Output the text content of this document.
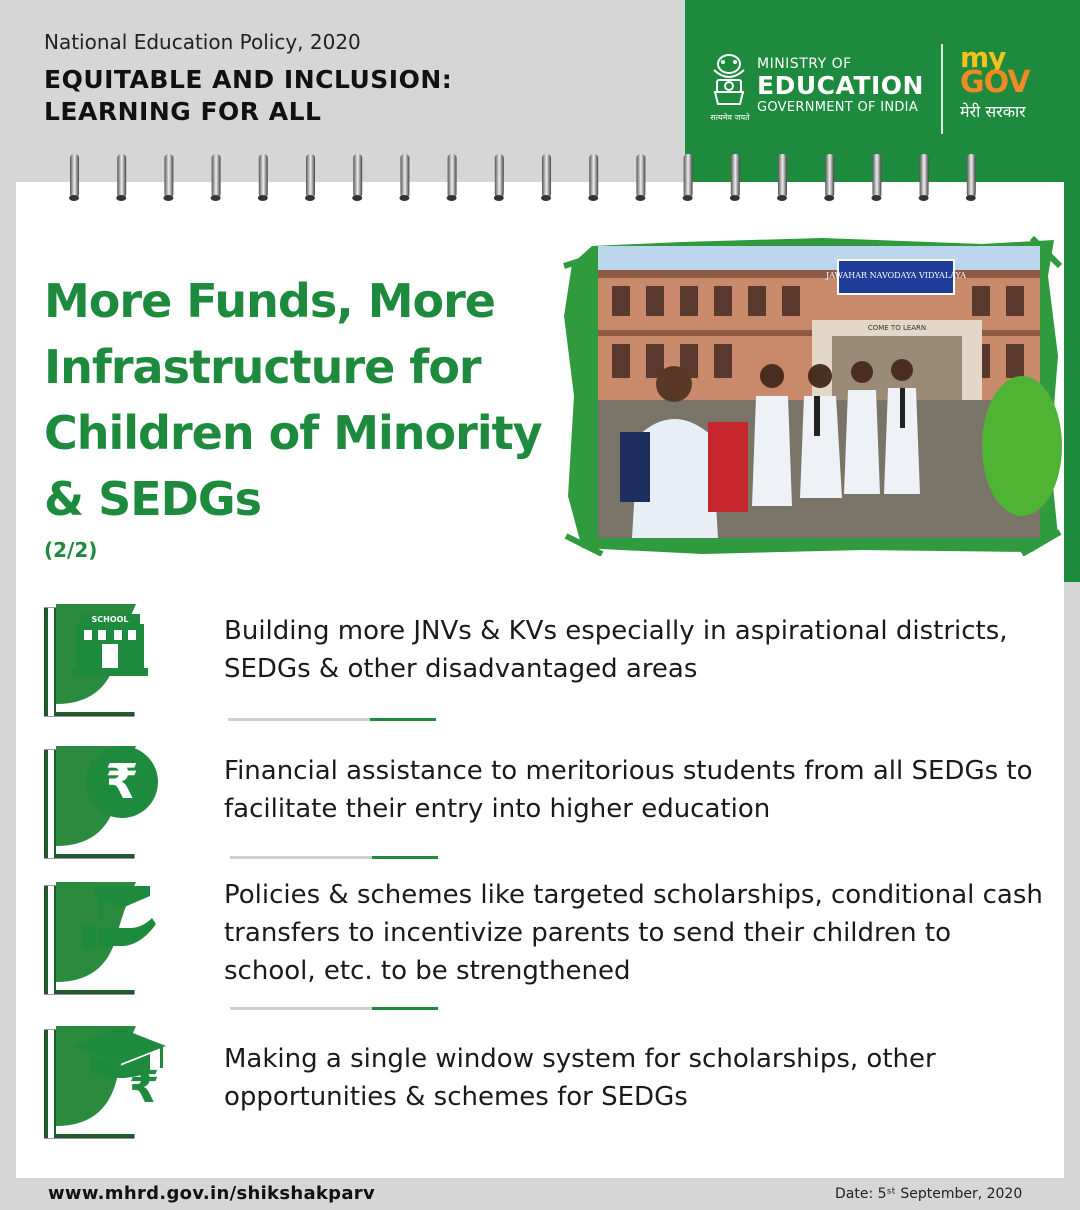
National Education Policy, 2020
EQUITABLE AND INCLUSION:
LEARNING FOR ALL	सत्यमेव जयते
MINISTRY OF
EDUCATION
GOVERNMENT OF INDIA
my
GOV
मेरी सरकार
More Funds, More
Infrastructure for
Children of Minority
& SEDGs
(2/2)
JAWAHAR NAVODAYA VIDYALAYA
COME TO LEARN
SCHOOL	Building more JNVs & KVs especially in aspirational districts, SEDGs & other disadvantaged areas
₹	Financial assistance to meritorious students from all SEDGs to facilitate their entry into higher education
Policies & schemes like targeted scholarships, conditional cash transfers to incentivize parents to send their children to school, etc. to be strengthened
₹
Making a single window system for scholarships, other opportunities & schemes for SEDGs
www.mhrd.gov.in/shikshakparv	Date: 5ˢᵗ September, 2020
